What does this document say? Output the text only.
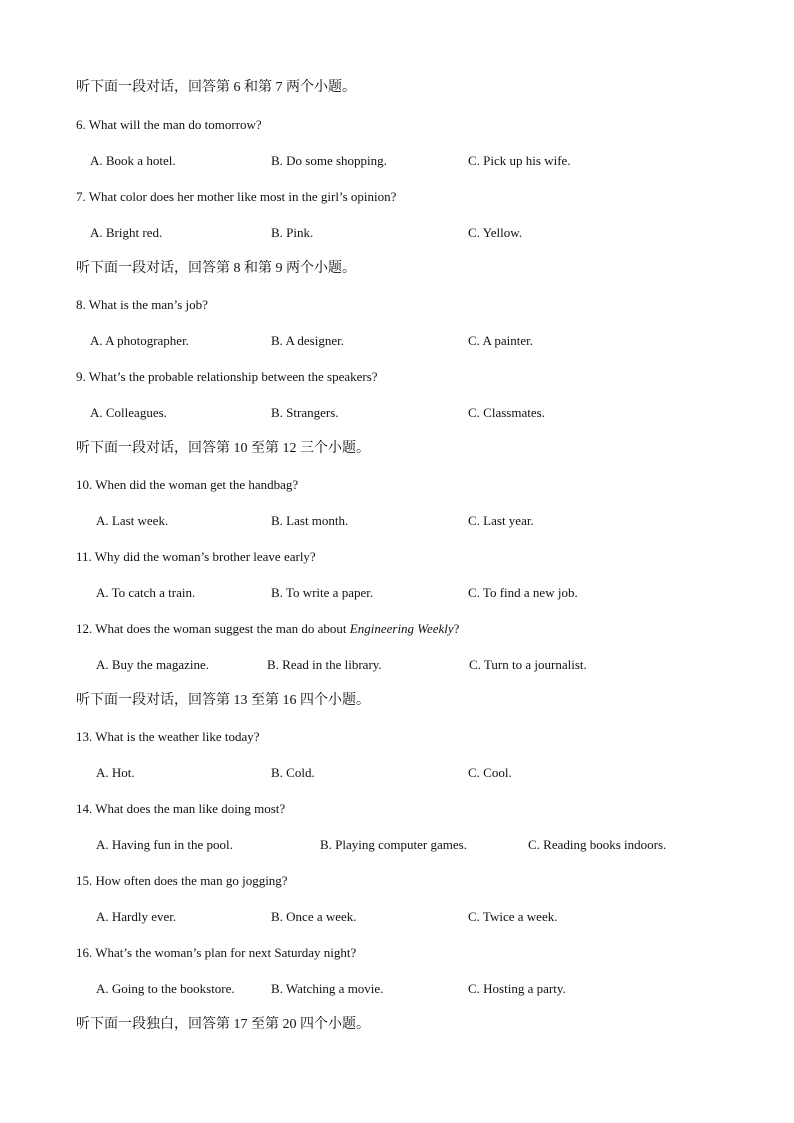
听下面一段对话，回答第 6 和第 7 两个小题。
6. What will the man do tomorrow?
A. Book a hotel.	B. Do some shopping.	C. Pick up his wife.
7. What color does her mother like most in the girl’s opinion?
A. Bright red.	B. Pink.	C. Yellow.
听下面一段对话，回答第 8 和第 9 两个小题。
8. What is the man’s job?
A. A photographer.	B. A designer.	C. A painter.
9. What’s the probable relationship between the speakers?
A. Colleagues.	B. Strangers.	C. Classmates.
听下面一段对话，回答第 10 至第 12 三个小题。
10. When did the woman get the handbag?
A. Last week.	B. Last month.	C. Last year.
11. Why did the woman’s brother leave early?
A. To catch a train.	B. To write a paper.	C. To find a new job.
12. What does the woman suggest the man do about Engineering Weekly?
A. Buy the magazine.	B. Read in the library.	C. Turn to a journalist.
听下面一段对话，回答第 13 至第 16 四个小题。
13. What is the weather like today?
A. Hot.	B. Cold.	C. Cool.
14. What does the man like doing most?
A. Having fun in the pool.	B. Playing computer games.	C. Reading books indoors.
15. How often does the man go jogging?
A. Hardly ever.	B. Once a week.	C. Twice a week.
16. What’s the woman’s plan for next Saturday night?
A. Going to the bookstore.	B. Watching a movie.	C. Hosting a party.
听下面一段独白，回答第 17 至第 20 四个小题。
